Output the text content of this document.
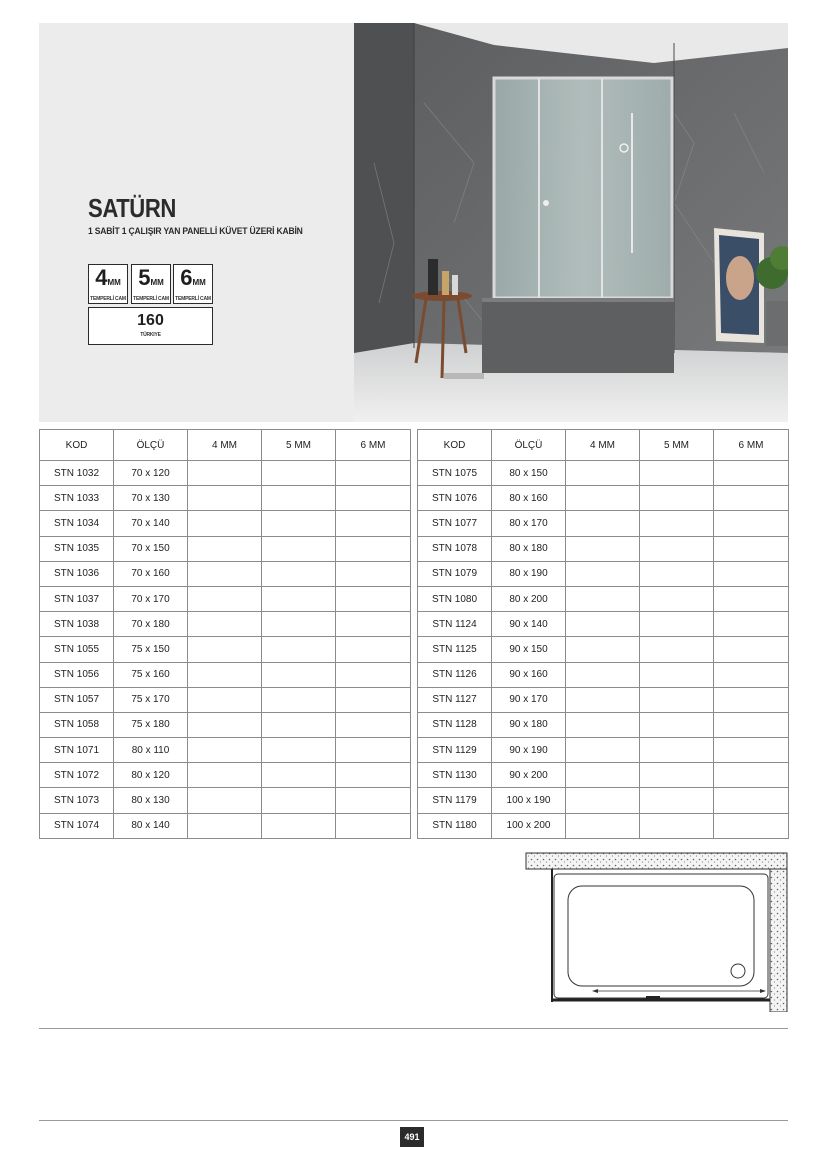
SATÜRN
1 SABİT 1 ÇALIŞIR YAN PANELLİ KÜVET ÜZERİ KABİN
4MM
TEMPERLİ CAM
5MM
TEMPERLİ CAM
6MM
TEMPERLİ CAM
160
TÜRKIYE
KOD	ÖLÇÜ	4 MM	5 MM	6 MM
STN 1032	70 x 120			
STN 1033	70 x 130			
STN 1034	70 x 140			
STN 1035	70 x 150			
STN 1036	70 x 160			
STN 1037	70 x 170			
STN 1038	70 x 180			
STN 1055	75 x 150			
STN 1056	75 x 160			
STN 1057	75 x 170			
STN 1058	75 x 180			
STN 1071	80 x 110			
STN 1072	80 x 120			
STN 1073	80 x 130			
STN 1074	80 x 140			
KOD	ÖLÇÜ	4 MM	5 MM	6 MM
STN 1075	80 x 150			
STN 1076	80 x 160			
STN 1077	80 x 170			
STN 1078	80 x 180			
STN 1079	80 x 190			
STN 1080	80 x 200			
STN 1124	90 x 140			
STN 1125	90 x 150			
STN 1126	90 x 160			
STN 1127	90 x 170			
STN 1128	90 x 180			
STN 1129	90 x 190			
STN 1130	90 x 200			
STN 1179	100 x 190			
STN 1180	100 x 200			
491
